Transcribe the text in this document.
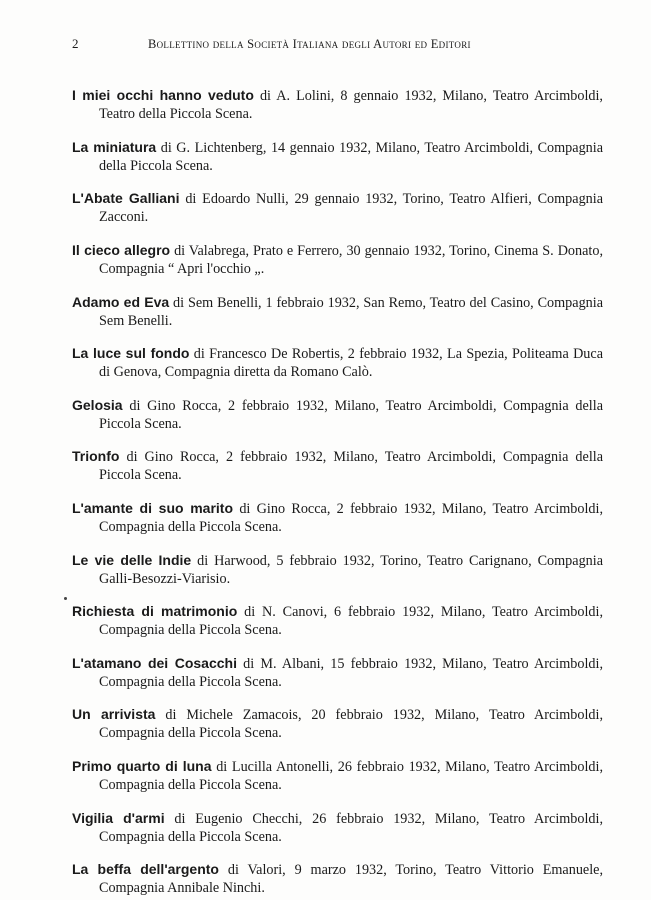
2	Bollettino della Società Italiana degli Autori ed Editori

I miei occhi hanno veduto di A. Lolini, 8 gennaio 1932, Milano, Teatro Arcimboldi, Teatro della Piccola Scena.

La miniatura di G. Lichtenberg, 14 gennaio 1932, Milano, Teatro Arcimboldi, Compagnia della Piccola Scena.

L'Abate Galliani di Edoardo Nulli, 29 gennaio 1932, Torino, Teatro Alfieri, Compagnia Zacconi.

Il cieco allegro di Valabrega, Prato e Ferrero, 30 gennaio 1932, Torino, Cinema S. Donato, Compagnia “ Apri l'occhio „.

Adamo ed Eva di Sem Benelli, 1 febbraio 1932, San Remo, Teatro del Casino, Compagnia Sem Benelli.

La luce sul fondo di Francesco De Robertis, 2 febbraio 1932, La Spezia, Politeama Duca di Genova, Compagnia diretta da Romano Calò.

Gelosia di Gino Rocca, 2 febbraio 1932, Milano, Teatro Arcimboldi, Compagnia della Piccola Scena.

Trionfo di Gino Rocca, 2 febbraio 1932, Milano, Teatro Arcimboldi, Compagnia della Piccola Scena.

L'amante di suo marito di Gino Rocca, 2 febbraio 1932, Milano, Teatro Arcimboldi, Compagnia della Piccola Scena.

Le vie delle Indie di Harwood, 5 febbraio 1932, Torino, Teatro Carignano, Compagnia Galli-Besozzi-Viarisio.

Richiesta di matrimonio di N. Canovi, 6 febbraio 1932, Milano, Teatro Arcimboldi, Compagnia della Piccola Scena.

L'atamano dei Cosacchi di M. Albani, 15 febbraio 1932, Milano, Teatro Arcimboldi, Compagnia della Piccola Scena.

Un arrivista di Michele Zamacois, 20 febbraio 1932, Milano, Teatro Arcimboldi, Compagnia della Piccola Scena.

Primo quarto di luna di Lucilla Antonelli, 26 febbraio 1932, Milano, Teatro Arcimboldi, Compagnia della Piccola Scena.

Vigilia d'armi di Eugenio Checchi, 26 febbraio 1932, Milano, Teatro Arcimboldi, Compagnia della Piccola Scena.

La beffa dell'argento di Valori, 9 marzo 1932, Torino, Teatro Vittorio Emanuele, Compagnia Annibale Ninchi.
